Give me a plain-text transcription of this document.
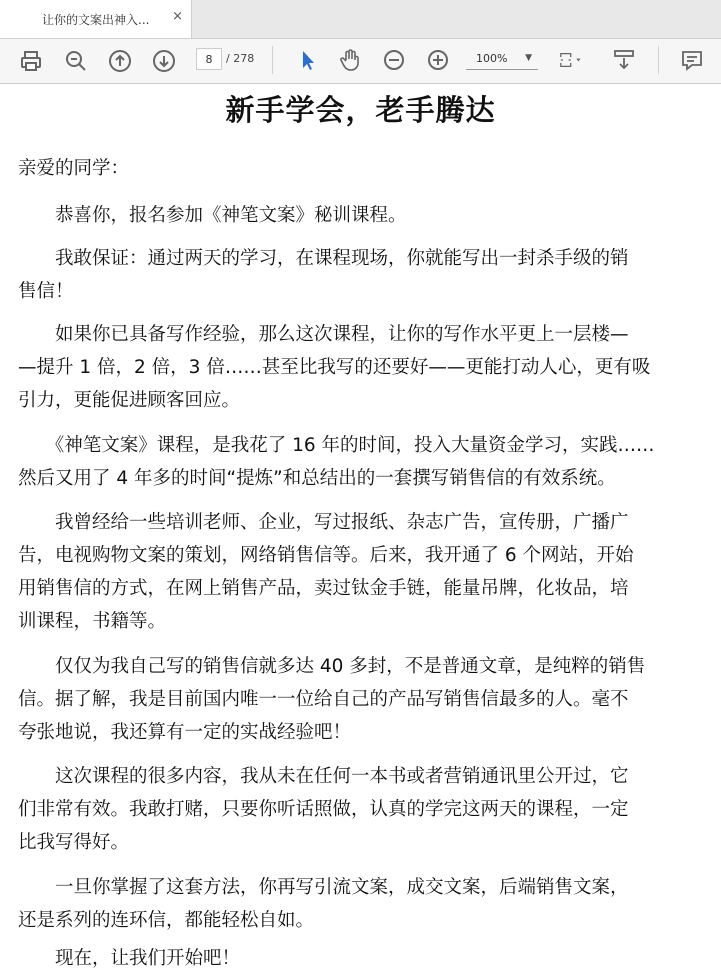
让你的文案出神入... ×
8	/ 278	100% ▼
新手学会，老手腾达
亲爱的同学：
　　恭喜你，报名参加《神笔文案》秘训课程。
　　我敢保证：通过两天的学习，在课程现场，你就能写出一封杀手级的销
售信！
　　如果你已具备写作经验，那么这次课程，让你的写作水平更上一层楼—
—提升 1 倍，2 倍，3 倍……甚至比我写的还要好——更能打动人心，更有吸
引力，更能促进顾客回应。
　　《神笔文案》课程，是我花了 16 年的时间，投入大量资金学习，实践……
然后又用了 4 年多的时间“提炼”和总结出的一套撰写销售信的有效系统。
　　我曾经给一些培训老师、企业，写过报纸、杂志广告，宣传册，广播广
告，电视购物文案的策划，网络销售信等。后来，我开通了 6 个网站，开始
用销售信的方式，在网上销售产品，卖过钛金手链，能量吊牌，化妆品，培
训课程，书籍等。
　　仅仅为我自己写的销售信就多达 40 多封，不是普通文章，是纯粹的销售
信。据了解，我是目前国内唯一一位给自己的产品写销售信最多的人。毫不
夸张地说，我还算有一定的实战经验吧！
　　这次课程的很多内容，我从未在任何一本书或者营销通讯里公开过，它
们非常有效。我敢打赌，只要你听话照做，认真的学完这两天的课程，一定
比我写得好。
　　一旦你掌握了这套方法，你再写引流文案，成交文案，后端销售文案，
还是系列的连环信，都能轻松自如。
　　现在，让我们开始吧！
